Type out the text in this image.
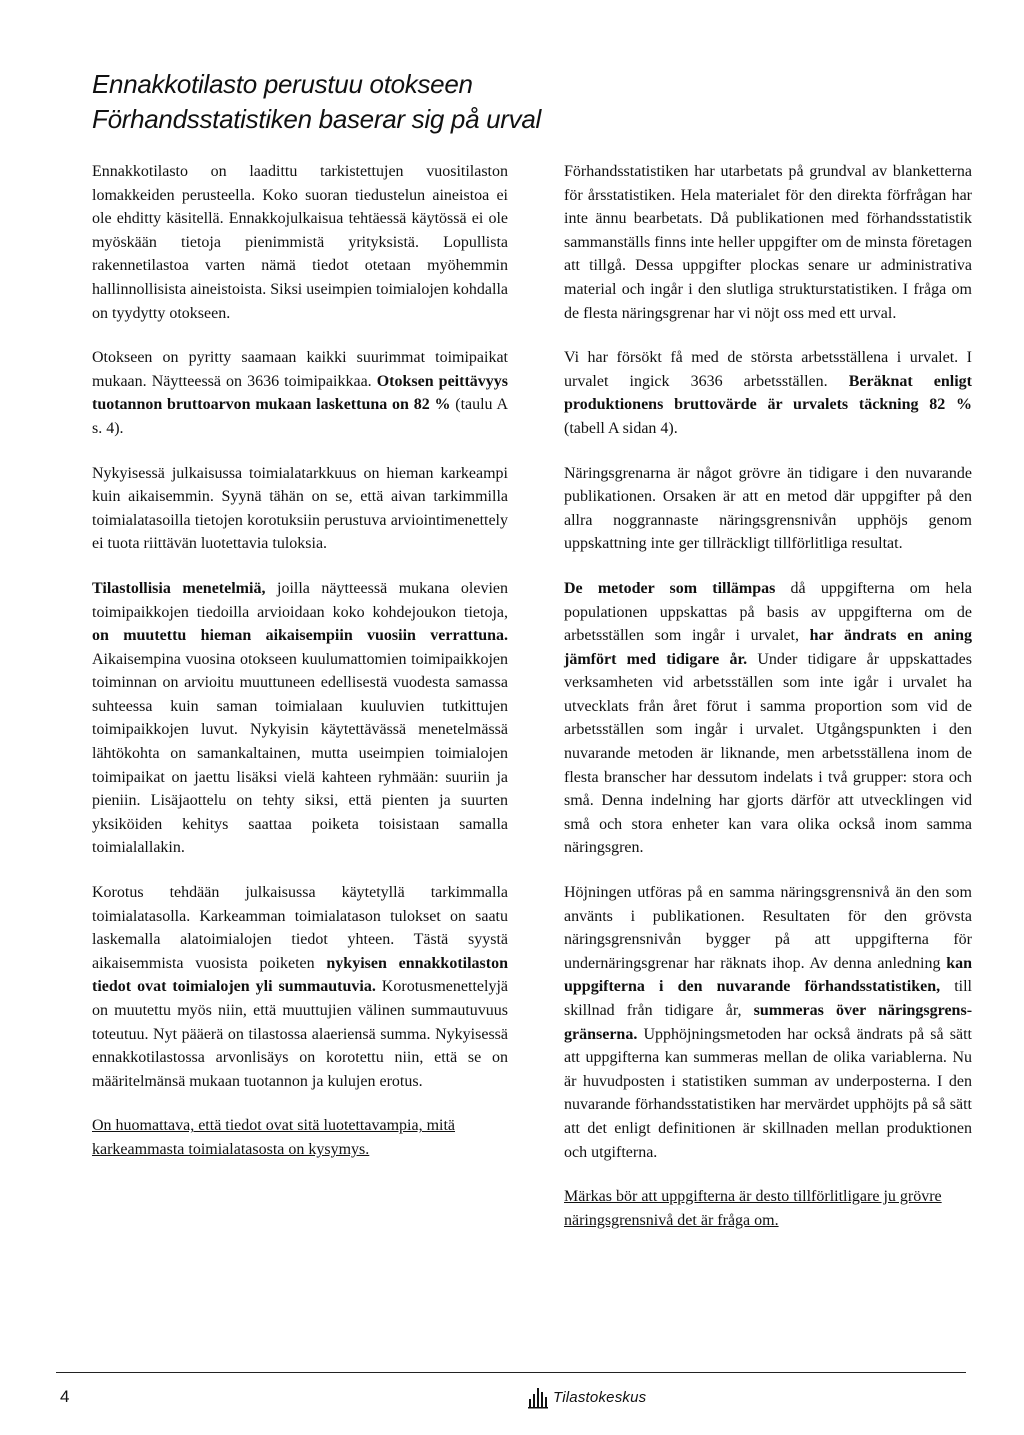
Ennakkotilasto perustuu otokseen
Förhandsstatistiken baserar sig på urval

Ennakkotilasto on laadittu tarkistettujen vuositilaston lomakkeiden perusteella. Koko suoran tiedustelun aineistoa ei ole ehditty käsitellä. Ennakkojulkaisua tehtäessä käytössä ei ole myöskään tietoja pienimmistä yrityksistä. Lopullista rakennetilastoa varten nämä tiedot otetaan myöhemmin hallinnollisista aineistoista. Siksi useimpien toimialojen kohdalla on tyydytty otokseen.

Otokseen on pyritty saamaan kaikki suurimmat toimipaikat mukaan. Näytteessä on 3636 toimipaikkaa. Otoksen peittävyys tuotannon bruttoarvon mukaan laskettuna on 82 % (taulu A s. 4).

Nykyisessä julkaisussa toimialatarkkuus on hieman karkeampi kuin aikaisemmin. Syynä tähän on se, että aivan tarkimmilla toimialatasoilla tietojen korotuksiin perustuva arviointimenettely ei tuota riittävän luotettavia tuloksia.

Tilastollisia menetelmiä, joilla näytteessä mukana olevien toimipaikkojen tiedoilla arvioidaan koko kohdejoukon tietoja, on muutettu hieman aikaisempiin vuosiin verrattuna. Aikaisempina vuosina otokseen kuulumattomien toimipaikkojen toiminnan on arvioitu muuttuneen edellisestä vuodesta samassa suhteessa kuin saman toimialaan kuuluvien tutkittujen toimipaikkojen luvut. Nykyisin käytettävässä menetelmässä lähtökohta on samankaltainen, mutta useimpien toimialojen toimipaikat on jaettu lisäksi vielä kahteen ryhmään: suuriin ja pieniin. Lisäjaottelu on tehty siksi, että pienten ja suurten yksiköiden kehitys saattaa poiketa toisistaan samalla toimialallakin.

Korotus tehdään julkaisussa käytetyllä tarkimmalla toimialatasolla. Karkeamman toimialatason tulokset on saatu laskemalla alatoimialojen tiedot yhteen. Tästä syystä aikaisemmista vuosista poiketen nykyisen ennakkotilaston tiedot ovat toimialojen yli summautuvia. Korotusmenettelyjä on muutettu myös niin, että muuttujien välinen summautuvuus toteutuu. Nyt pääerä on tilastossa alaeriensä summa. Nykyisessä ennakkotilastossa arvonlisäys on korotettu niin, että se on määritelmänsä mukaan tuotannon ja kulujen erotus.

On huomattava, että tiedot ovat sitä luotettavampia, mitä karkeammasta toimialatasosta on kysymys.

Förhandsstatistiken har utarbetats på grundval av blanketterna för årsstatistiken. Hela materialet för den direkta förfrågan har inte ännu bearbetats. Då publikationen med förhandsstatistik sammanställs finns inte heller uppgifter om de minsta företagen att tillgå. Dessa uppgifter plockas senare ur administrativa material och ingår i den slutliga strukturstatistiken. I fråga om de flesta näringsgrenar har vi nöjt oss med ett urval.

Vi har försökt få med de största arbetsställena i urvalet. I urvalet ingick 3636 arbetsställen. Beräknat enligt produktionens bruttovärde är urvalets täckning 82 % (tabell A sidan 4).

Näringsgrenarna är något grövre än tidigare i den nuvarande publikationen. Orsaken är att en metod där uppgifter på den allra noggrannaste näringsgrensnivån upphöjs genom uppskattning inte ger tillräckligt tillförlitliga resultat.

De metoder som tillämpas då uppgifterna om hela populationen uppskattas på basis av uppgifterna om de arbetsställen som ingår i urvalet, har ändrats en aning jämfört med tidigare år. Under tidigare år uppskattades verksamheten vid arbetsställen som inte igår i urvalet ha utvecklats från året förut i samma proportion som vid de arbetsställen som ingår i urvalet. Utgångspunkten i den nuvarande metoden är liknande, men arbetsställena inom de flesta branscher har dessutom indelats i två grupper: stora och små. Denna indelning har gjorts därför att utvecklingen vid små och stora enheter kan vara olika också inom samma näringsgren.

Höjningen utföras på en samma näringsgrensnivå än den som använts i publikationen. Resultaten för den grövsta näringsgrensnivån bygger på att uppgifterna för undernäringsgrenar har räknats ihop. Av denna anledning kan uppgifterna i den nuvarande förhandsstatistiken, till skillnad från tidigare år, summeras över näringsgrensgränserna. Upphöjningsmetoden har också ändrats på så sätt att uppgifterna kan summeras mellan de olika variablerna. Nu är huvudposten i statistiken summan av underposterna. I den nuvarande förhandsstatistiken har mervärdet upphöjts på så sätt att det enligt definitionen är skillnaden mellan produktionen och utgifterna.

Märkas bör att uppgifterna är desto tillförlitligare ju grövre näringsgrensnivå det är fråga om.

4	Tilastokeskus
